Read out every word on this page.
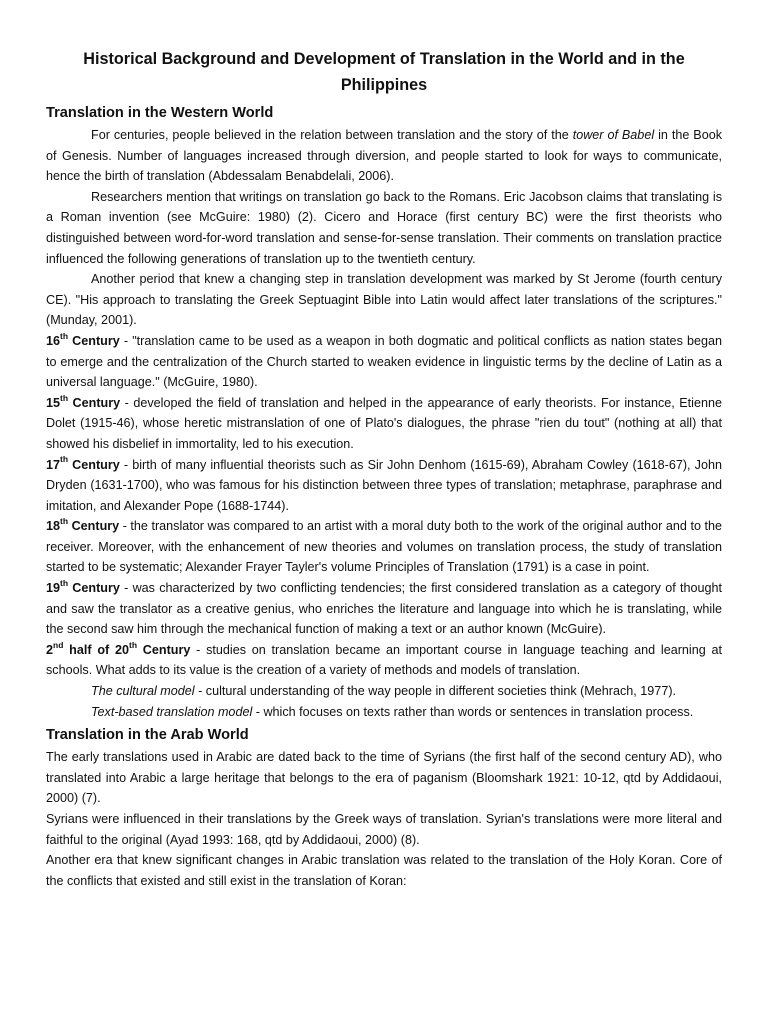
Historical Background and Development of Translation in the World and in the Philippines
Translation in the Western World

For centuries, people believed in the relation between translation and the story of the tower of Babel in the Book of Genesis. Number of languages increased through diversion, and people started to look for ways to communicate, hence the birth of translation (Abdessalam Benabdelali, 2006).

Researchers mention that writings on translation go back to the Romans. Eric Jacobson claims that translating is a Roman invention (see McGuire: 1980) (2). Cicero and Horace (first century BC) were the first theorists who distinguished between word-for-word translation and sense-for-sense translation. Their comments on translation practice influenced the following generations of translation up to the twentieth century.

Another period that knew a changing step in translation development was marked by St Jerome (fourth century CE). "His approach to translating the Greek Septuagint Bible into Latin would affect later translations of the scriptures." (Munday, 2001).

16th Century - "translation came to be used as a weapon in both dogmatic and political conflicts as nation states began to emerge and the centralization of the Church started to weaken evidence in linguistic terms by the decline of Latin as a universal language." (McGuire, 1980).

15th Century - developed the field of translation and helped in the appearance of early theorists. For instance, Etienne Dolet (1915-46), whose heretic mistranslation of one of Plato's dialogues, the phrase "rien du tout" (nothing at all) that showed his disbelief in immortality, led to his execution.

17th Century - birth of many influential theorists such as Sir John Denhom (1615-69), Abraham Cowley (1618-67), John Dryden (1631-1700), who was famous for his distinction between three types of translation; metaphrase, paraphrase and imitation, and Alexander Pope (1688-1744).

18th Century - the translator was compared to an artist with a moral duty both to the work of the original author and to the receiver. Moreover, with the enhancement of new theories and volumes on translation process, the study of translation started to be systematic; Alexander Frayer Tayler's volume Principles of Translation (1791) is a case in point.

19th Century - was characterized by two conflicting tendencies; the first considered translation as a category of thought and saw the translator as a creative genius, who enriches the literature and language into which he is translating, while the second saw him through the mechanical function of making a text or an author known (McGuire).

2nd half of 20th Century - studies on translation became an important course in language teaching and learning at schools. What adds to its value is the creation of a variety of methods and models of translation.

The cultural model - cultural understanding of the way people in different societies think (Mehrach, 1977).

Text-based translation model - which focuses on texts rather than words or sentences in translation process.

Translation in the Arab World

The early translations used in Arabic are dated back to the time of Syrians (the first half of the second century AD), who translated into Arabic a large heritage that belongs to the era of paganism (Bloomshark 1921: 10-12, qtd by Addidaoui, 2000) (7).

Syrians were influenced in their translations by the Greek ways of translation. Syrian's translations were more literal and faithful to the original (Ayad 1993: 168, qtd by Addidaoui, 2000) (8).

Another era that knew significant changes in Arabic translation was related to the translation of the Holy Koran. Core of the conflicts that existed and still exist in the translation of Koran:
